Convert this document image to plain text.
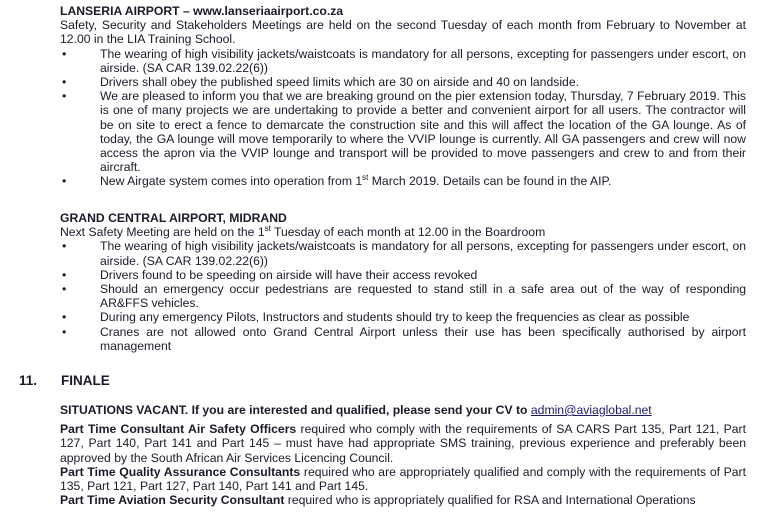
LANSERIA AIRPORT – www.lanseriaairport.co.za
Safety, Security and Stakeholders Meetings are held on the second Tuesday of each month from February to November at 12.00 in the LIA Training School.
•	The wearing of high visibility jackets/waistcoats is mandatory for all persons, excepting for passengers under escort, on airside. (SA CAR 139.02.22(6))
•	Drivers shall obey the published speed limits which are 30 on airside and 40 on landside.
•	We are pleased to inform you that we are breaking ground on the pier extension today, Thursday, 7 February 2019. This is one of many projects we are undertaking to provide a better and convenient airport for all users. The contractor will be on site to erect a fence to demarcate the construction site and this will affect the location of the GA lounge. As of today, the GA lounge will move temporarily to where the VVIP lounge is currently. All GA passengers and crew will now access the apron via the VVIP lounge and transport will be provided to move passengers and crew to and from their aircraft.
•	New Airgate system comes into operation from 1st March 2019. Details can be found in the AIP.
GRAND CENTRAL AIRPORT, MIDRAND
Next Safety Meeting are held on the 1st Tuesday of each month at 12.00 in the Boardroom
•	The wearing of high visibility jackets/waistcoats is mandatory for all persons, excepting for passengers under escort, on airside. (SA CAR 139.02.22(6))
•	Drivers found to be speeding on airside will have their access revoked
•	Should an emergency occur pedestrians are requested to stand still in a safe area out of the way of responding AR&FFS vehicles.
•	During any emergency Pilots, Instructors and students should try to keep the frequencies as clear as possible
•	Cranes are not allowed onto Grand Central Airport unless their use has been specifically authorised by airport management
11. FINALE

SITUATIONS VACANT. If you are interested and qualified, please send your CV to admin@aviaglobal.net

Part Time Consultant Air Safety Officers required who comply with the requirements of SA CARS Part 135, Part 121, Part 127, Part 140, Part 141 and Part 145 – must have had appropriate SMS training, previous experience and preferably been approved by the South African Air Services Licencing Council.

Part Time Quality Assurance Consultants required who are appropriately qualified and comply with the requirements of Part 135, Part 121, Part 127, Part 140, Part 141 and Part 145.

Part Time Aviation Security Consultant required who is appropriately qualified for RSA and International Operations
